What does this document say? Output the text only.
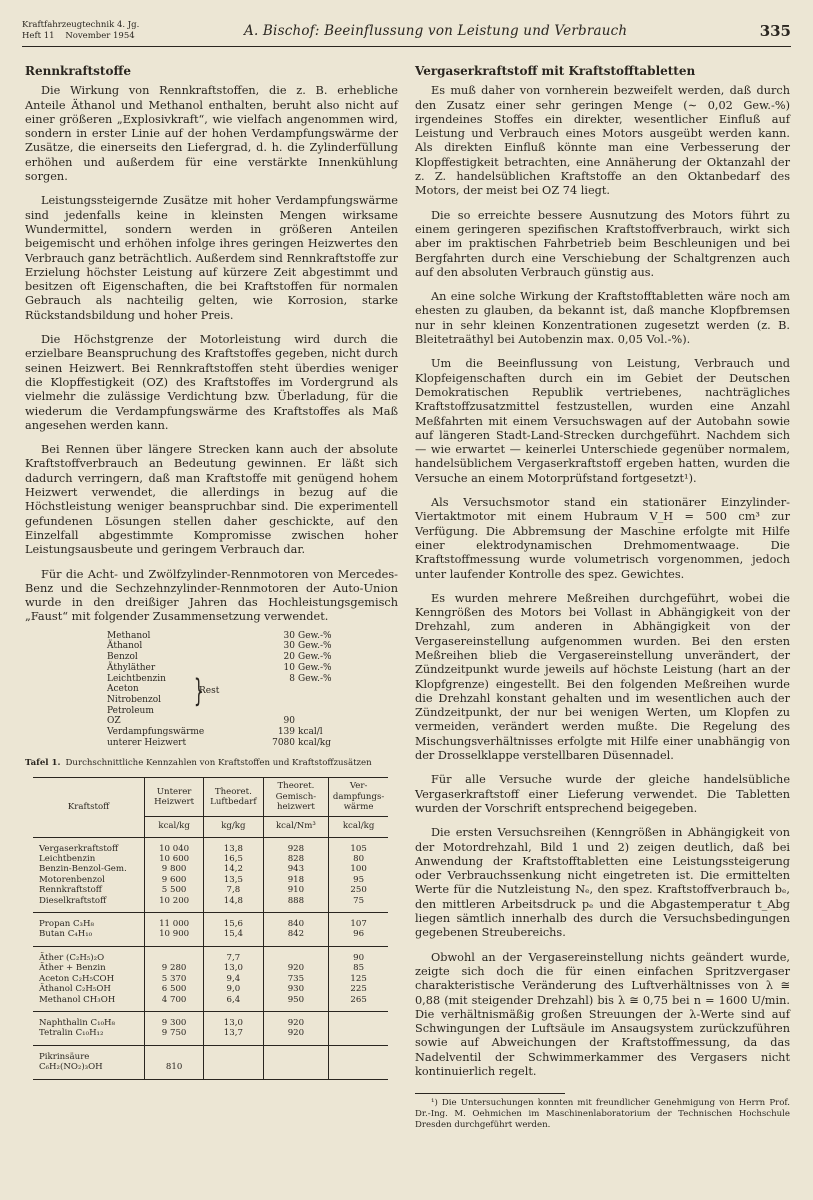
Kraftfahrzeugtechnik 4. Jg.
Heft 11    November 1954	A. Bischof: Beeinflussung von Leistung und Verbrauch	335
Rennkraftstoffe

Die Wirkung von Rennkraftstoffen, die z. B. erhebliche Anteile Äthanol und Methanol enthalten, beruht also nicht auf einer größeren „Explosivkraft“, wie vielfach angenommen wird, sondern in erster Linie auf der hohen Verdampfungswärme der Zusätze, die einerseits den Liefergrad, d. h. die Zylinderfüllung erhöhen und außerdem für eine verstärkte Innenkühlung sorgen.

Leistungssteigernde Zusätze mit hoher Verdampfungswärme sind jedenfalls keine in kleinsten Mengen wirksame Wundermittel, sondern werden in größeren Anteilen beigemischt und erhöhen infolge ihres geringen Heizwertes den Verbrauch ganz beträchtlich. Außerdem sind Rennkraftstoffe zur Erzielung höchster Leistung auf kürzere Zeit abgestimmt und besitzen oft Eigenschaften, die bei Kraftstoffen für normalen Gebrauch als nachteilig gelten, wie Korrosion, starke Rückstandsbildung und hoher Preis.

Die Höchstgrenze der Motorleistung wird durch die erzielbare Beanspruchung des Kraftstoffes gegeben, nicht durch seinen Heizwert. Bei Rennkraftstoffen steht überdies weniger die Klopffestigkeit (OZ) des Kraftstoffes im Vordergrund als vielmehr die zulässige Verdichtung bzw. Überladung, für die wiederum die Verdampfungswärme des Kraftstoffes als Maß angesehen werden kann.

Bei Rennen über längere Strecken kann auch der absolute Kraftstoffverbrauch an Bedeutung gewinnen. Er läßt sich dadurch verringern, daß man Kraftstoffe mit genügend hohem Heizwert verwendet, die allerdings in bezug auf die Höchstleistung weniger beanspruchbar sind. Die experimentell gefundenen Lösungen stellen daher geschickte, auf den Einzelfall abgestimmte Kompromisse zwischen hoher Leistungsausbeute und geringem Verbrauch dar.

Für die Acht- und Zwölfzylinder-Rennmotoren von Mercedes-Benz und die Sechzehnzylinder-Rennmotoren der Auto-Union wurde in den dreißiger Jahren das Hochleistungsgemisch „Faust“ mit folgender Zusammensetzung verwendet.

Methanol	30 Gew.-%
Äthanol	30 Gew.-%
Benzol	20 Gew.-%
Äthyläther	10 Gew.-%
Leichtbenzin	8 Gew.-%
Aceton
Nitrobenzol
Petroleum
OZ	90
Verdampfungswärme	139 kcal/l
unterer Heizwert	7080 kcal/kg
}
Rest
Tafel 1. Durchschnittliche Kennzahlen von Kraftstoffen und Kraftstoffzusätzen
Kraftstoff	Unterer Heizwert	Theoret. Luftbedarf	Theoret. Gemisch-heizwert	Ver-dampfungs-wärme
	kcal/kg	kg/kg	kcal/Nm³	kcal/kg
Vergaserkraftstoff	10 040	13,8	928	105
Leichtbenzin	10 600	16,5	828	80
Benzin-Benzol-Gem.	9 800	14,2	943	100
Motorenbenzol	9 600	13,5	918	95
Rennkraftstoff	5 500	7,8	910	250
Dieselkraftstoff	10 200	14,8	888	75
Propan C₃H₈	11 000	15,6	840	107
Butan C₄H₁₀	10 900	15,4	842	96
Äther (C₂H₅)₂O		7,7		90
Äther + Benzin	9 280	13,0	920	85
Aceton C₂H₅COH	5 370	9,4	735	125
Äthanol C₂H₅OH	6 500	9,0	930	225
Methanol CH₃OH	4 700	6,4	950	265
Naphthalin C₁₀H₈	9 300	13,0	920	
Tetralin C₁₀H₁₂	9 750	13,7	920	
Pikrinsäure				
C₆H₂(NO₂)₃OH	810			
Vergaserkraftstoff mit Kraftstofftabletten

Es muß daher von vornherein bezweifelt werden, daß durch den Zusatz einer sehr geringen Menge (∼ 0,02 Gew.-%) irgendeines Stoffes ein direkter, wesentlicher Einfluß auf Leistung und Verbrauch eines Motors ausgeübt werden kann. Als direkten Einfluß könnte man eine Verbesserung der Klopffestigkeit betrachten, eine Annäherung der Oktanzahl der z. Z. handelsüblichen Kraftstoffe an den Oktanbedarf des Motors, der meist bei OZ 74 liegt.

Die so erreichte bessere Ausnutzung des Motors führt zu einem geringeren spezifischen Kraftstoffverbrauch, wirkt sich aber im praktischen Fahrbetrieb beim Beschleunigen und bei Bergfahrten durch eine Verschiebung der Schaltgrenzen auch auf den absoluten Verbrauch günstig aus.

An eine solche Wirkung der Kraftstofftabletten wäre noch am ehesten zu glauben, da bekannt ist, daß manche Klopfbremsen nur in sehr kleinen Konzentrationen zugesetzt werden (z. B. Bleitetraäthyl bei Autobenzin max. 0,05 Vol.-%).

Um die Beeinflussung von Leistung, Verbrauch und Klopfeigenschaften durch ein im Gebiet der Deutschen Demokratischen Republik vertriebenes, nachträgliches Kraftstoffzusatzmittel festzustellen, wurden eine Anzahl Meßfahrten mit einem Versuchswagen auf der Autobahn sowie auf längeren Stadt-Land-Strecken durchgeführt. Nachdem sich — wie erwartet — keinerlei Unterschiede gegenüber normalem, handelsüblichem Vergaserkraftstoff ergeben hatten, wurden die Versuche an einem Motorprüfstand fortgesetzt¹).

Als Versuchsmotor stand ein stationärer Einzylinder-Viertaktmotor mit einem Hubraum V_H = 500 cm³ zur Verfügung. Die Abbremsung der Maschine erfolgte mit Hilfe einer elektrodynamischen Drehmomentwaage. Die Kraftstoffmessung wurde volumetrisch vorgenommen, jedoch unter laufender Kontrolle des spez. Gewichtes.

Es wurden mehrere Meßreihen durchgeführt, wobei die Kenngrößen des Motors bei Vollast in Abhängigkeit von der Drehzahl, zum anderen in Abhängigkeit von der Vergasereinstellung aufgenommen wurden. Bei den ersten Meßreihen blieb die Vergasereinstellung unverändert, der Zündzeitpunkt wurde jeweils auf höchste Leistung (hart an der Klopfgrenze) eingestellt. Bei den folgenden Meßreihen wurde die Drehzahl konstant gehalten und im wesentlichen auch der Zündzeitpunkt, der nur bei wenigen Werten, um Klopfen zu vermeiden, verändert werden mußte. Die Regelung des Mischungsverhältnisses erfolgte mit Hilfe einer unabhängig von der Drosselklappe verstellbaren Düsennadel.

Für alle Versuche wurde der gleiche handelsübliche Vergaserkraftstoff einer Lieferung verwendet. Die Tabletten wurden der Vorschrift entsprechend beigegeben.

Die ersten Versuchsreihen (Kenngrößen in Abhängigkeit von der Motordrehzahl, Bild 1 und 2) zeigen deutlich, daß bei Anwendung der Kraftstofftabletten eine Leistungssteigerung oder Verbrauchssenkung nicht eingetreten ist. Die ermittelten Werte für die Nutzleistung Nₑ, den spez. Kraftstoffverbrauch bₑ, den mittleren Arbeitsdruck pₑ und die Abgastemperatur t_Abg liegen sämtlich innerhalb des durch die Versuchsbedingungen gegebenen Streubereichs.

Obwohl an der Vergasereinstellung nichts geändert wurde, zeigte sich doch die für einen einfachen Spritzvergaser charakteristische Veränderung des Luftverhältnisses von λ ≅ 0,88 (mit steigender Drehzahl) bis λ ≅ 0,75 bei n = 1600 U/min. Die verhältnismäßig großen Streuungen der λ-Werte sind auf Schwingungen der Luftsäule im Ansaugsystem zurückzuführen sowie auf Abweichungen der Kraftstoffmessung, da das Nadelventil der Schwimmerkammer des Vergasers nicht kontinuierlich regelt.

¹) Die Untersuchungen konnten mit freundlicher Genehmigung von Herrn Prof. Dr.-Ing. M. Oehmichen im Maschinenlaboratorium der Technischen Hochschule Dresden durchgeführt werden.
